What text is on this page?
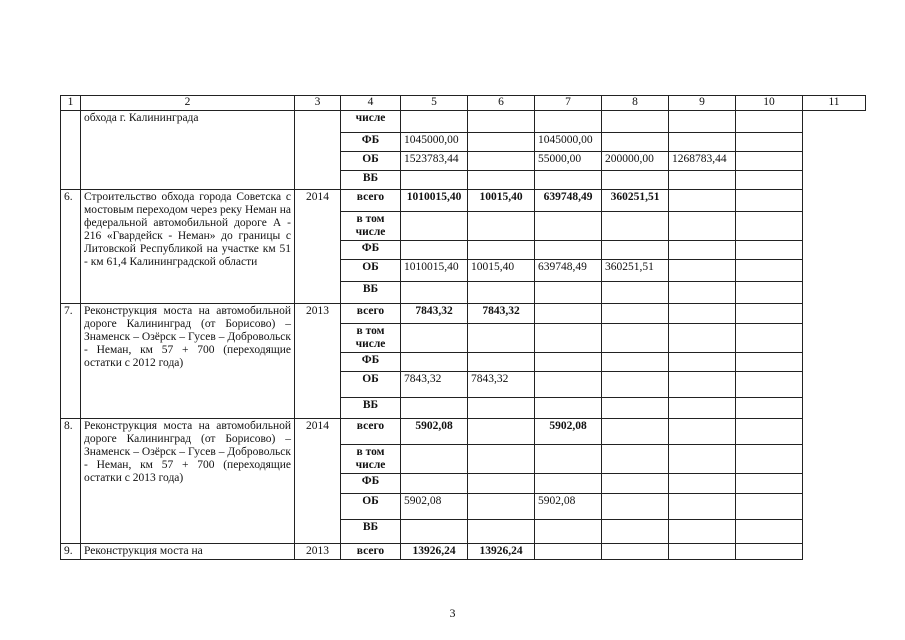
1	2	3	4	5	6	7	8	9	10	11
	обхода г. Калининграда		числе							
			ФБ	1045000,00		1045000,00				
			ОБ	1523783,44		55000,00	200000,00	1268783,44		
			ВБ							
6.	Строительство обхода города Советска с мостовым переходом через реку Неман на федеральной автомобильной дороге А - 216 «Гвардейск - Неман» до границы с Литовской Республикой на участке км 51 - км 61,4 Калининградской области	2014	всего	1010015,40	10015,40	639748,49	360251,51			
			в том числе							
			ФБ							
			ОБ	1010015,40	10015,40	639748,49	360251,51			
			ВБ							
7.	Реконструкция моста на автомобильной дороге Калининград (от Борисово) – Знаменск – Озёрск – Гусев – Добровольск - Неман, км 57 + 700 (переходящие остатки с 2012 года)	2013	всего	7843,32	7843,32					
			в том числе							
			ФБ							
			ОБ	7843,32	7843,32					
			ВБ							
8.	Реконструкция моста на автомобильной дороге Калининград (от Борисово) – Знаменск – Озёрск – Гусев – Добровольск - Неман, км 57 + 700 (переходящие остатки с 2013 года)	2014	всего	5902,08		5902,08				
			в том числе							
			ФБ							
			ОБ	5902,08		5902,08				
			ВБ							
9.	Реконструкция моста на	2013	всего	13926,24	13926,24					
3
